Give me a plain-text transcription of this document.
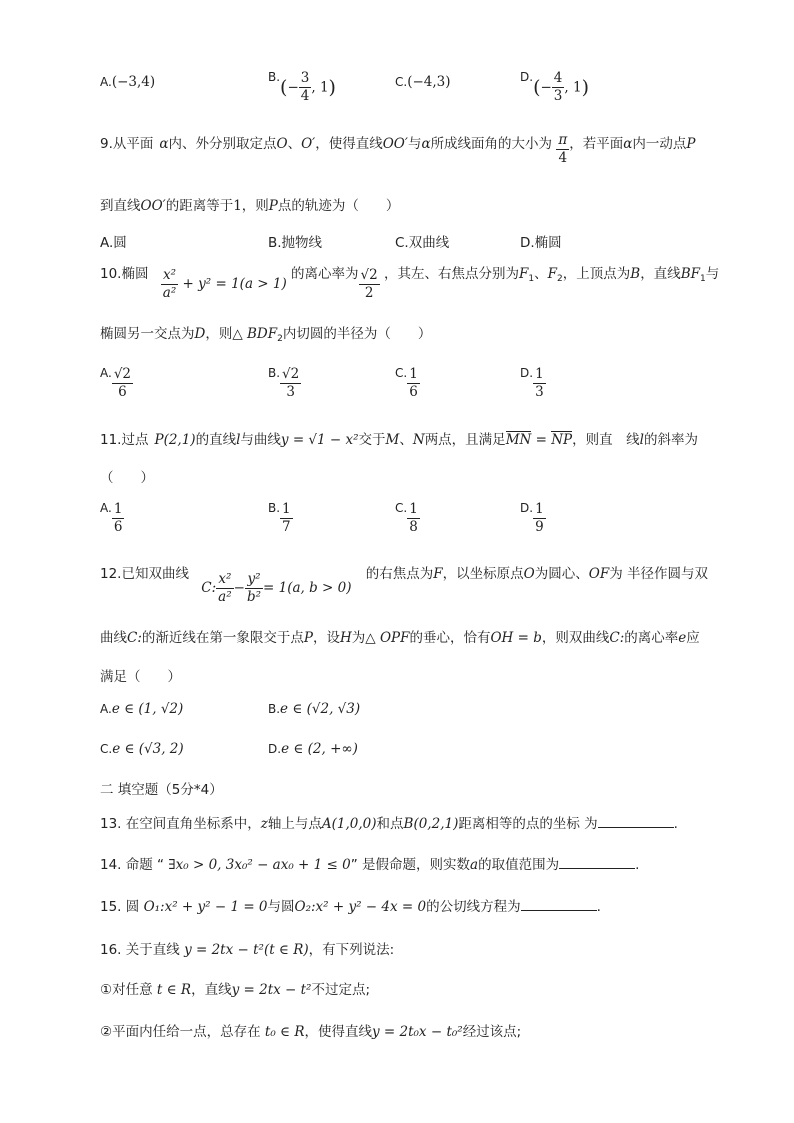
A.(−3,4)	$B.(- \frac{3}{4}$ , 1)	C.(−4,3)	$D.(- \frac{4}{3}$ , 1)
9.从平面 α内、外分别取定点O、O′，使得直线OO′与α所成线面角的大小为 $\frac{\pi}{4}$ ，若平面α内一动点P
到直线OO′的距离等于1，则P点的轨迹为（　　）
A.圆	B.抛物线	C.双曲线	D.椭圆
10.椭圆 $\frac{\text{x²}}{\text{a²}} + y^2 = 1(a > 1)$ 的离心率为 $\frac{√2}{2}$ ，其左、右焦点分别为$F_1$、$F_2$，上顶点为B，直线$BF_1$与
椭圆另一交点为D，则△ $BDF_2$内切圆的半径为（　　）
A. $\frac{√2}{6}$	B. $\frac{√2}{3}$	C. $\frac{1}{6}$	D. $\frac{1}{3}$
11.过点 P(2,1)的直线l与曲线y = √1 − x²交于M、N两点，且满足MN = NP，则直　线l的斜率为
（　　）
A. $\frac{1}{6}$	B. $\frac{1}{7}$	C. $\frac{1}{8}$	D. $\frac{1}{9}$
12.已知双曲线 C: $\frac{\text{x²}}{\text{a²}} - \frac{\text{y²}}{\text{b²}} = 1(a$, b > 0) 的右焦点为F，以坐标原点O为圆心、OF为 半径作圆与双
曲线C:的渐近线在第一象限交于点P，设H为△ OPF的垂心，恰有OH = b，则双曲线C:的离心率e应
满足（　　）
A.e ∈ (1, √2)	B.e ∈ (√2, √3)
C.e ∈ (√3, 2)	D.e ∈ (2, +∞)
二 填空题（5分*4）
13. 在空间直角坐标系中，z轴上与点A(1,0,0)和点B(0,2,1)距离相等的点的坐标 为	.
14. 命题 “ ∃x₀ > 0, 3x₀² − ax₀ + 1 ≤ 0” 是假命题，则实数a的取值范围为	.
15. 圆 O₁:x² + y² − 1 = 0与圆O₂:x² + y² − 4x = 0的公切线方程为	.
16. 关于直线 y = 2tx − t²(t ∈ R)，有下列说法:
①对任意 t ∈ R，直线y = 2tx − t²不过定点;
②平面内任给一点，总存在 t₀ ∈ R，使得直线y = 2t₀x − t₀²经过该点;
